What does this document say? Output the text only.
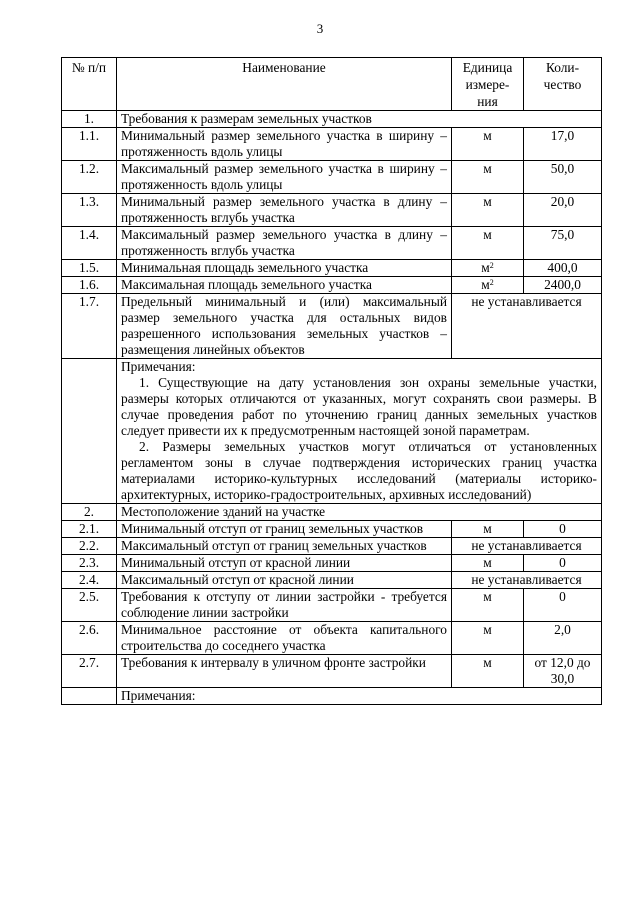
3
№ п/п	Наименование	Единица измере-ния	Коли-чество
1.	Требования к размерам земельных участков		
1.1.	Минимальный размер земельного участка в ширину – протяженность вдоль улицы	м	17,0
1.2.	Максимальный размер земельного участка в ширину – протяженность вдоль улицы	м	50,0
1.3.	Минимальный размер земельного участка в длину – протяженность вглубь участка	м	20,0
1.4.	Максимальный размер земельного участка в длину – протяженность вглубь участка	м	75,0
1.5.	Минимальная площадь земельного участка	$м^2$	400,0
1.6.	Максимальная площадь земельного участка	$м^2$	2400,0
1.7.	Предельный минимальный и (или) максимальный размер земельного участка для остальных видов разрешенного использования земельных участков – размещения линейных объектов	не устанавливается	

	Примечания:
1. Существующие на дату установления зон охраны земельные участки, размеры которых отличаются от указанных, могут сохранять свои размеры. В случае проведения работ по уточнению границ данных земельных участков следует привести их к предусмотренным настоящей зоной параметрам.
2. Размеры земельных участков могут отличаться от установленных регламентом зоны в случае подтверждения исторических границ участка материалами историко-культурных исследований (материалы историко-архитектурных, историко-градостроительных, архивных исследований)		

2.	Местоположение зданий на участке		
2.1.	Минимальный отступ от границ земельных участков	м	0
2.2.	Максимальный отступ от границ земельных участков	не устанавливается	
2.3.	Минимальный отступ от красной линии	м	0
2.4.	Максимальный отступ от красной линии	не устанавливается	
2.5.	Требования к отступу от линии застройки - требуется соблюдение линии застройки	м	0
2.6.	Минимальное расстояние от объекта капитального строительства до соседнего участка	м	2,0
2.7.	Требования к интервалу в уличном фронте застройки	м	от 12,0 до 30,0

	Примечания:		
